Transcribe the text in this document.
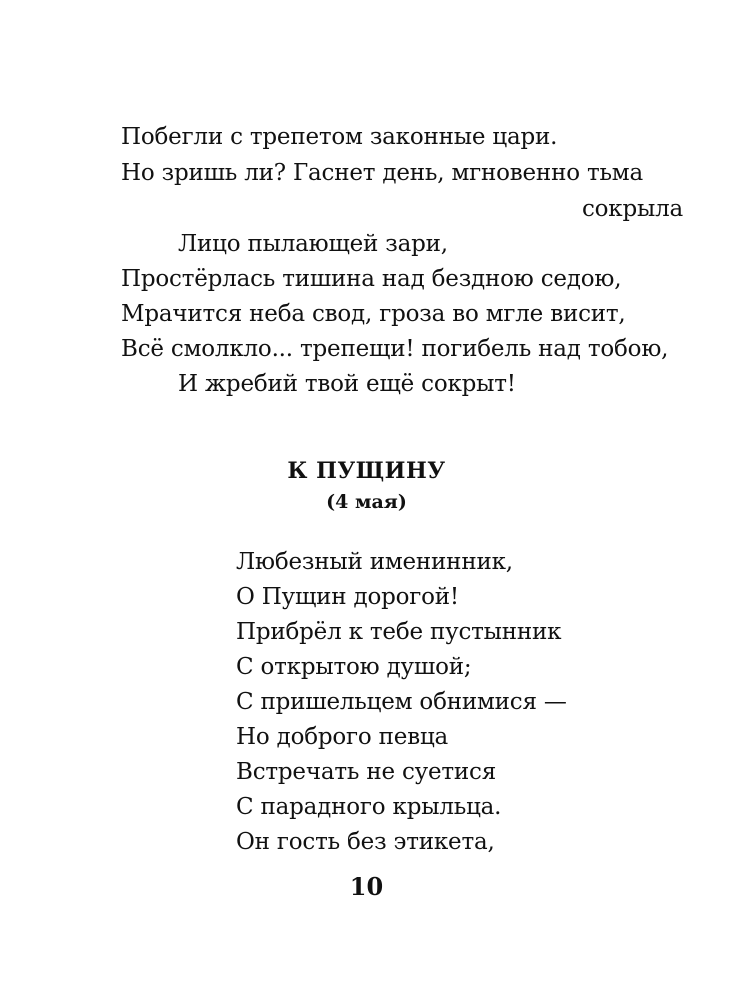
Побегли с трепетом законные цари.
Но зришь ли? Гаснет день, мгновенно тьма
сокрыла
Лицо пылающей зари,
Простёрлась тишина над бездною седою,
Мрачится неба свод, гроза во мгле висит,
Всё смолкло... трепещи! погибель над тобою,
И жребий твой ещё сокрыт!
К ПУЩИНУ
(4 мая)
Любезный именинник,
О Пущин дорогой!
Прибрёл к тебе пустынник
С открытою душой;
С пришельцем обнимися —
Но доброго певца
Встречать не суетися
С парадного крыльца.
Он гость без этикета,
10
